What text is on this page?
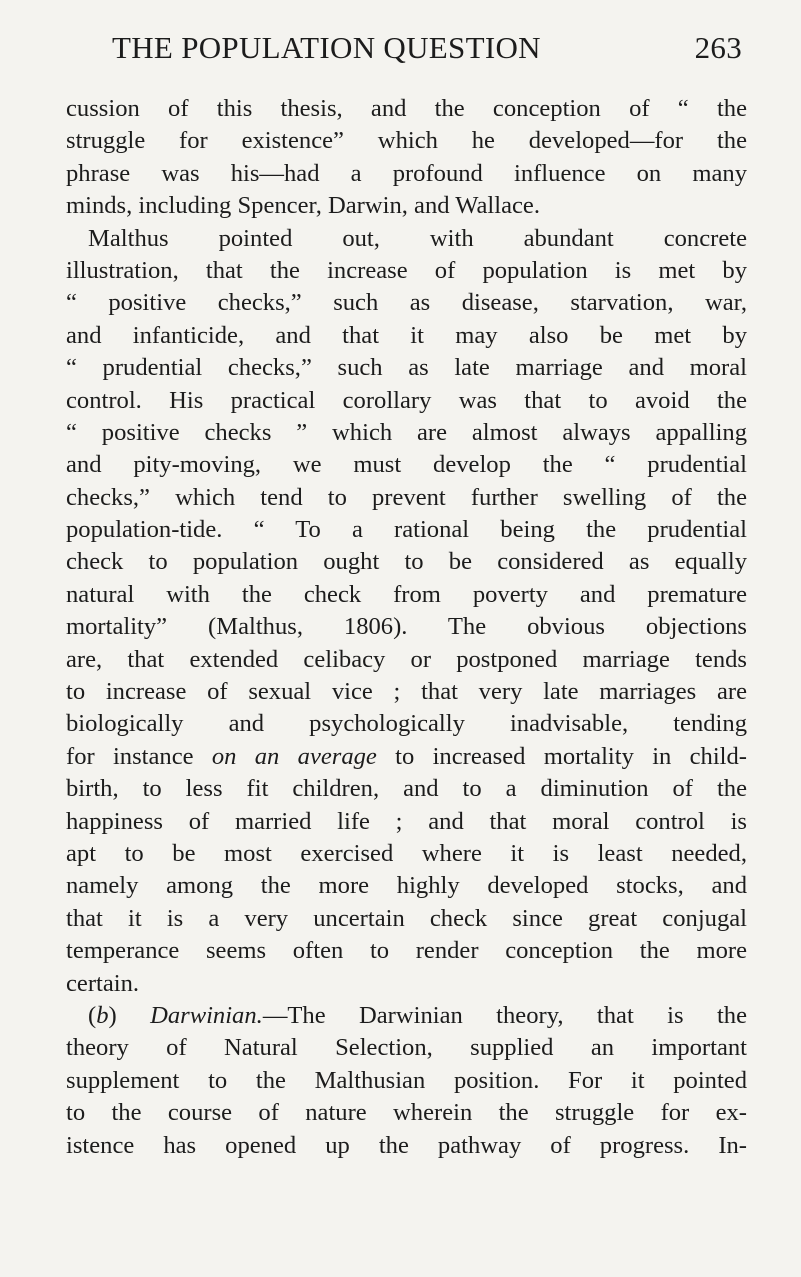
THE POPULATION QUESTION	263
cussion of this thesis, and the conception of “ the
struggle for existence” which he developed—for the
phrase was his—had a profound influence on many
minds, including Spencer, Darwin, and Wallace.
Malthus pointed out, with abundant concrete
illustration, that the increase of population is met by
“ positive checks,” such as disease, starvation, war,
and infanticide, and that it may also be met by
“ prudential checks,” such as late marriage and moral
control. His practical corollary was that to avoid the
“ positive checks ” which are almost always appalling
and pity-moving, we must develop the “ prudential
checks,” which tend to prevent further swelling of the
population-tide. “ To a rational being the prudential
check to population ought to be considered as equally
natural with the check from poverty and premature
mortality” (Malthus, 1806). The obvious objections
are, that extended celibacy or postponed marriage tends
to increase of sexual vice ; that very late marriages are
biologically and psychologically inadvisable, tending
for instance on an average to increased mortality in child-
birth, to less fit children, and to a diminution of the
happiness of married life ; and that moral control is
apt to be most exercised where it is least needed,
namely among the more highly developed stocks, and
that it is a very uncertain check since great conjugal
temperance seems often to render conception the more
certain.
(b) Darwinian.—The Darwinian theory, that is the
theory of Natural Selection, supplied an important
supplement to the Malthusian position. For it pointed
to the course of nature wherein the struggle for ex-
istence has opened up the pathway of progress. In-
